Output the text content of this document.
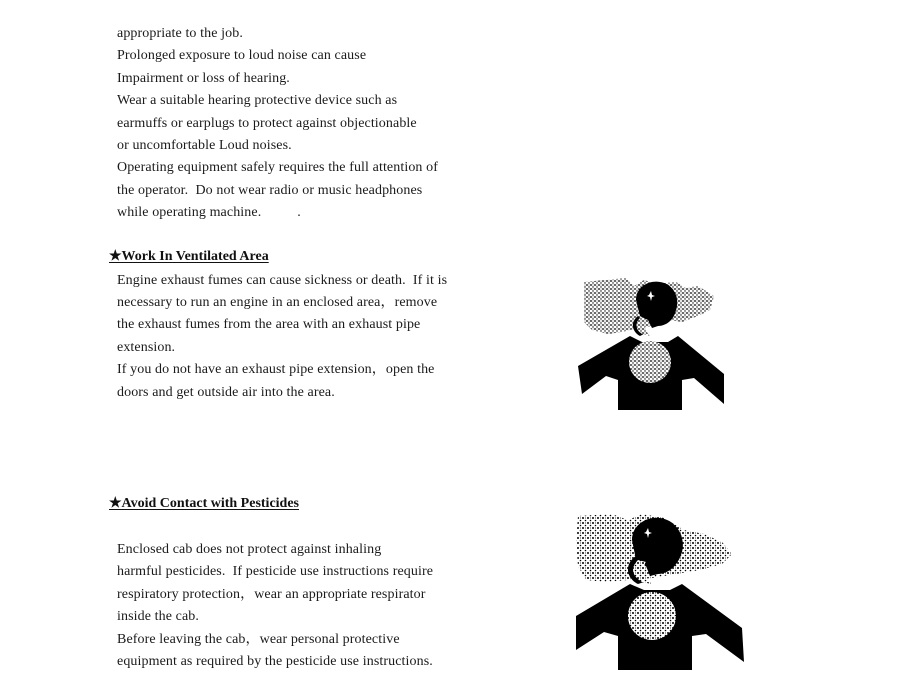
appropriate to the job.
Prolonged exposure to loud noise can cause
Impairment or loss of hearing.
Wear a suitable hearing protective device such as
earmuffs or earplugs to protect against objectionable
or uncomfortable Loud noises.
Operating equipment safely requires the full attention of
the operator.  Do not wear radio or music headphones
while operating machine.          .
★Work In Ventilated Area
Engine exhaust fumes can cause sickness or death.  If it is
necessary to run an engine in an enclosed area，remove
the exhaust fumes from the area with an exhaust pipe
extension.
If you do not have an exhaust pipe extension，open the
doors and get outside air into the area.
★Avoid Contact with Pesticides
Enclosed cab does not protect against inhaling
harmful pesticides.  If pesticide use instructions require
respiratory protection，wear an appropriate respirator
inside the cab.
Before leaving the cab，wear personal protective
equipment as required by the pesticide use instructions.
